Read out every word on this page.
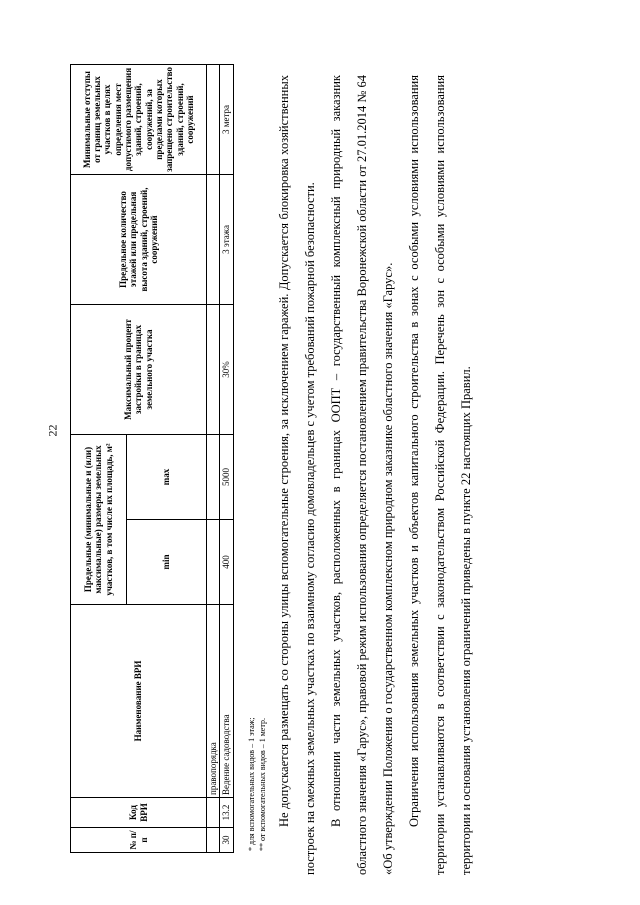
22
№ п/п	Код ВРИ	Наименование ВРИ	Предельные (минимальные и (или) максимальные) размеры земельных участков, в том числе их площадь, м²		Максимальный процент застройки в границах земельного участка	Предельное количество этажей или предельная высота зданий, строений, сооружений	Минимальные отступы от границ земельных участков в целях определения мест допустимого размещения зданий, строений, сооружений, за пределами которых запрещено строительство зданий, строений, сооружений
			min	max			
		правопорядка					
30	13.2	Ведение садоводства	400	5000	30%	3 этажа	3 метра
* для вспомогательных видов – 1 этаж; ** от вспомогательных видов – 1 метр. Не допускается размещать со стороны улицы вспомогательные строения, за исключением гаражей. Допускается блокировка хозяйственных построек на смежных земельных участках по взаимному согласию домовладельцев с учетом требований пожарной безопасности. В отношении части земельных участков, расположенных в границах ООПТ – государственный комплексный природный заказник областного значения «Гарус», правовой режим использования определяется постановлением правительства Воронежской области от 27.01.2014 № 64 «Об утверждении Положения о государственном комплексном природном заказнике областного значения «Гарус». Ограничения использования земельных участков и объектов капитального строительства в зонах с особыми условиями использования территории устанавливаются в соответствии с законодательством Российской Федерации. Перечень зон с особыми условиями использования территории и основания установления ограничений приведены в пункте 22 настоящих Правил.
